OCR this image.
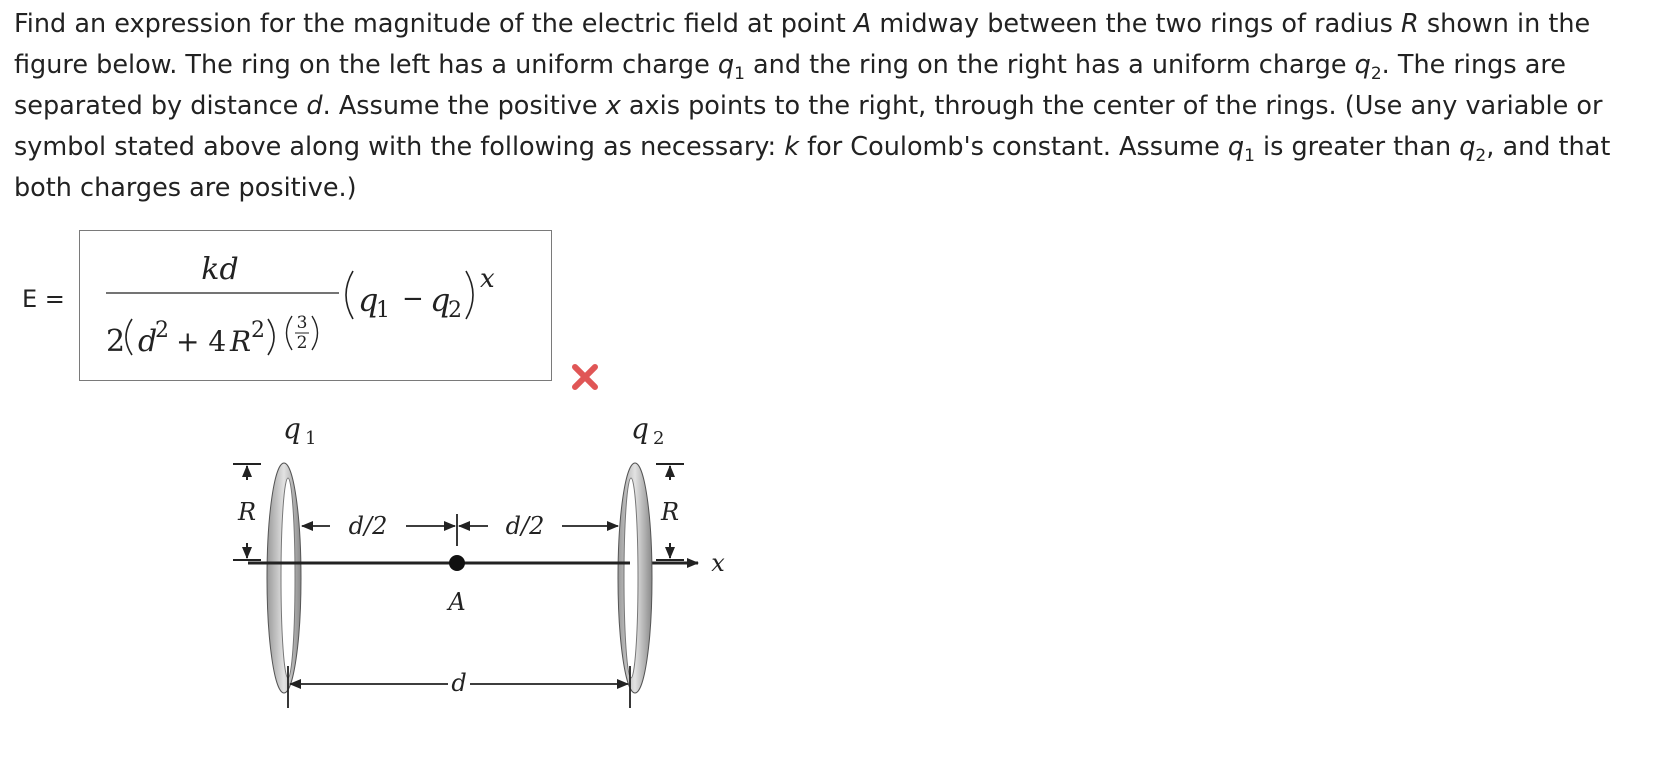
Find an expression for the magnitude of the electric field at point A midway between the two rings of radius R shown in the figure below. The ring on the left has a uniform charge $q_1$ and the ring on the right has a uniform charge $q_2$. The rings are separated by distance d. Assume the positive x axis points to the right, through the center of the rings. (Use any variable or symbol stated above along with the following as necessary: k for Coulomb's constant. Assume $q_1$ is greater than $q_2$, and that both charges are positive.)
E =
kd
2 d
2 + 4 R 2 3
2
q
1 − q
2
x
x
q 1	q 2
R	R
d/2	d/2
A
d
